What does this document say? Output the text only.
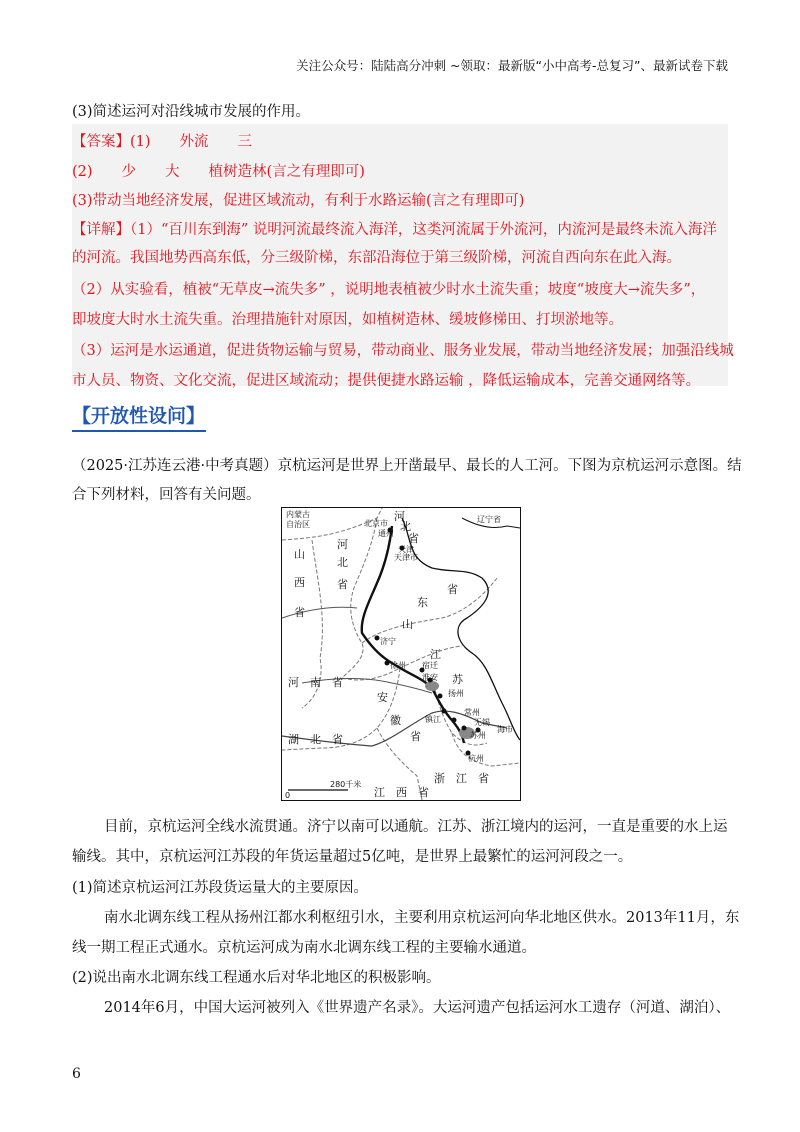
关注公众号：陆陆高分冲刺 ~领取：最新版“小中高考-总复习”、最新试卷下载
(3)简述运河对沿线城市发展的作用。
【答案】(1)　　外流　　三
(2)　　少　　大　　植树造林(言之有理即可)
(3)带动当地经济发展，促进区域流动，有利于水路运输(言之有理即可)
【详解】（1）“百川东到海” 说明河流最终流入海洋，这类河流属于外流河，内流河是最终未流入海洋
的河流。我国地势西高东低，分三级阶梯，东部沿海位于第三级阶梯，河流自西向东在此入海。
（2）从实验看，植被“无草皮→流失多” ，说明地表植被少时水土流失重；坡度“坡度大→流失多”，
即坡度大时水土流失重。治理措施针对原因，如植树造林、缓坡修梯田、打坝淤地等。
（3）运河是水运通道，促进货物运输与贸易，带动商业、服务业发展，带动当地经济发展；加强沿线城
市人员、物资、文化交流，促进区域流动；提供便捷水路运输 ，降低运输成本，完善交通网络等。
【开放性设问】
（2025·江苏连云港·中考真题）京杭运河是世界上开凿最早、最长的人工河。下图为京杭运河示意图。结
合下列材料，回答有关问题。
内蒙古
自治区
河
北
省
辽宁省
北京市
通州
天津
天津市
山
西
省
河
北
省
山
东
省
济宁
徐州 宿迁
淮安
江
苏
扬州
河　南　省
安
徽
省
镇江
常州
无锡
苏州
海市
杭州
湖　北　省
浙　江　省
江　西　省
0
280千米
目前，京杭运河全线水流贯通。济宁以南可以通航。江苏、浙江境内的运河，一直是重要的水上运
输线。其中，京杭运河江苏段的年货运量超过5亿吨，是世界上最繁忙的运河河段之一。
(1)简述京杭运河江苏段货运量大的主要原因。
南水北调东线工程从扬州江都水利枢纽引水，主要利用京杭运河向华北地区供水。2013年11月，东
线一期工程正式通水。京杭运河成为南水北调东线工程的主要输水通道。
(2)说出南水北调东线工程通水后对华北地区的积极影响。
2014年6月，中国大运河被列入《世界遗产名录》。大运河遗产包括运河水工遗存（河道、湖泊）、
6
